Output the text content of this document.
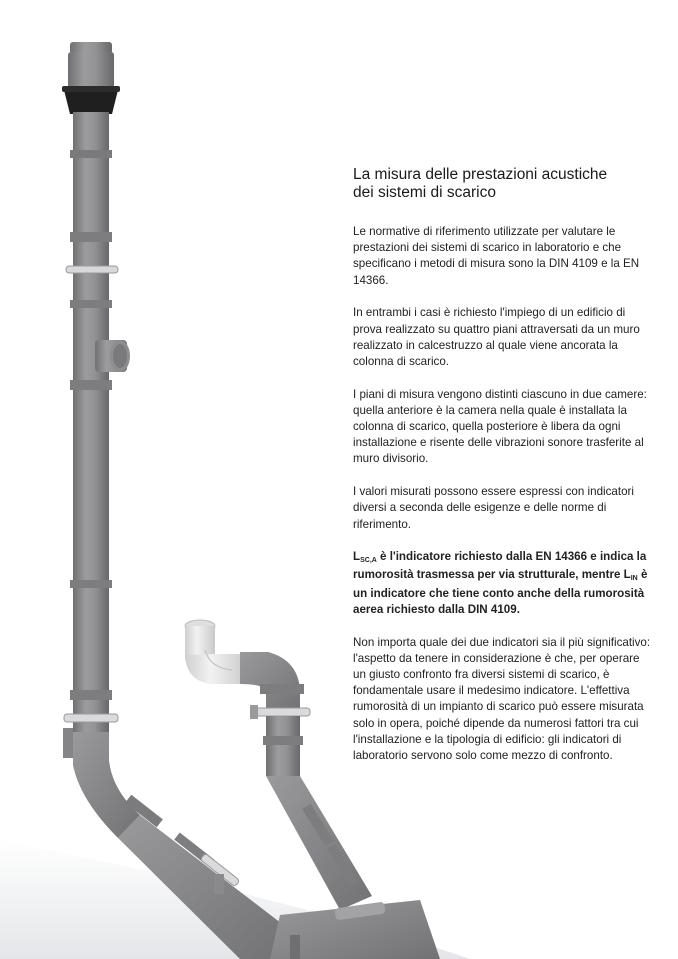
La misura delle prestazioni acustiche
dei sistemi di scarico

Le normative di riferimento utilizzate per valutare le prestazioni dei sistemi di scarico in laboratorio e che specificano i metodi di misura sono la DIN 4109 e la EN 14366.

In entrambi i casi è richiesto l'impiego di un edificio di prova realizzato su quattro piani attraversati da un muro realizzato in calcestruzzo al quale viene ancorata la colonna di scarico.

I piani di misura vengono distinti ciascuno in due camere: quella anteriore è la camera nella quale è installata la colonna di scarico, quella posteriore è libera da ogni installazione e risente delle vibrazioni sonore trasferite al muro divisorio.

I valori misurati possono essere espressi con indicatori diversi a seconda delle esigenze e delle norme di riferimento.

LSC,A è l'indicatore richiesto dalla EN 14366 e indica la rumorosità trasmessa per via strutturale, mentre LIN è un indicatore che tiene conto anche della rumorosità aerea richiesto dalla DIN 4109.

Non importa quale dei due indicatori sia il più significativo: l'aspetto da tenere in considerazione è che, per operare un giusto confronto fra diversi sistemi di scarico, è fondamentale usare il medesimo indicatore. L'effettiva rumorosità di un impianto di scarico può essere misurata solo in opera, poiché dipende da numerosi fattori tra cui l'installazione e la tipologia di edificio: gli indicatori di laboratorio servono solo come mezzo di confronto.
